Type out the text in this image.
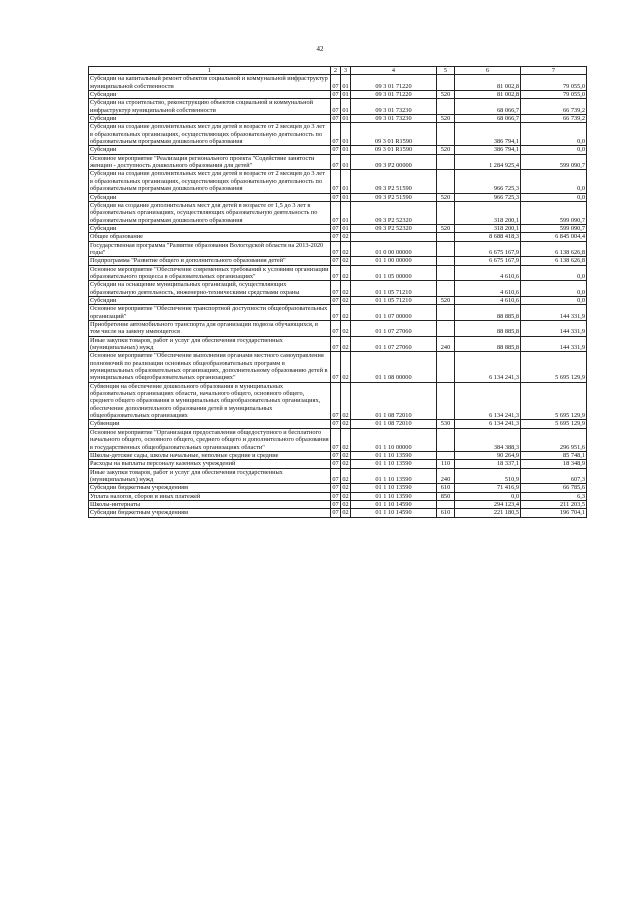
42
1	2	3	4	5	6	7
Субсидии на капитальный ремонт объектов социальной и коммунальной инфраструктур муниципальной собственности	07	01	09 3 01 71220		81 002,8	79 055,0
Субсидии	07	01	09 3 01 71220	520	81 002,8	79 055,0
Субсидии на строительство, реконструкцию объектов социальной и коммунальной инфраструктур муниципальной собственности	07	01	09 3 01 73230		68 066,7	66 739,2
Субсидии	07	01	09 3 01 73230	520	68 066,7	66 739,2
Субсидии на создание дополнительных мест для детей в возрасте от 2 месяцев до 3 лет в образовательных организациях, осуществляющих образовательную деятельность по образовательным программам дошкольного образования	07	01	09 3 01 R1590		386 794,1	0,0
Субсидии	07	01	09 3 01 R1590	520	386 794,1	0,0
Основное мероприятие "Реализация регионального проекта "Содействие занятости женщин - доступность дошкольного образования для детей"	07	01	09 3 P2 00000		1 284 925,4	599 090,7
Субсидии на создание дополнительных мест для детей в возрасте от 2 месяцев до 3 лет в образовательных организациях, осуществляющих образовательную деятельность по образовательным программам дошкольного образования	07	01	09 3 P2 51590		966 725,3	0,0
Субсидии	07	01	09 3 P2 51590	520	966 725,3	0,0
Субсидия на создание дополнительных мест для детей в возрасте от 1,5 до 3 лет в образовательных организациях, осуществляющих образовательную деятельность по образовательным программам дошкольного образования	07	01	09 3 P2 52320		318 200,1	599 090,7
Субсидии	07	01	09 3 P2 52320	520	318 200,1	599 090,7
Общее образование	07	02			8 688 418,3	6 845 004,4
Государственная программа "Развитие образования Вологодской области на 2013-2020 годы"	07	02	01 0 00 00000		6 675 167,9	6 138 626,8
Подпрограмма "Развитие общего и дополнительного образования детей"	07	02	01 1 00 00000		6 675 167,9	6 138 626,8
Основное мероприятие "Обеспечение современных требований к условиям организации образовательного процесса в образовательных организациях"	07	02	01 1 05 00000		4 610,6	0,0
Субсидии на оснащение муниципальных организаций, осуществляющих образовательную деятельность, инженерно-техническими средствами охраны	07	02	01 1 05 71210		4 610,6	0,0
Субсидии	07	02	01 1 05 71210	520	4 610,6	0,0
Основное мероприятие "Обеспечение транспортной доступности общеобразовательных организаций"	07	02	01 1 07 00000		88 885,8	144 331,9
Приобретение автомобильного транспорта для организации подвоза обучающихся, в том числе на замену имеющегося	07	02	01 1 07 27060		88 885,8	144 331,9
Иные закупки товаров, работ и услуг для обеспечения государственных (муниципальных) нужд	07	02	01 1 07 27060	240	88 885,8	144 331,9
Основное мероприятие "Обеспечение выполнения органами местного самоуправления полномочий по реализации основных общеобразовательных программ в муниципальных образовательных организациях, дополнительному образованию детей в муниципальных общеобразовательных организациях"	07	02	01 1 08 00000		6 134 241,3	5 695 129,9
Субвенция на обеспечение дошкольного образования в муниципальных образовательных организациях области, начального общего, основного общего, среднего общего образования в муниципальных общеобразовательных организациях, обеспечение дополнительного образования детей в муниципальных общеобразовательных организациях	07	02	01 1 08 72010		6 134 241,3	5 695 129,9
Субвенции	07	02	01 1 08 72010	530	6 134 241,3	5 695 129,9
Основное мероприятие "Организация предоставления общедоступного и бесплатного начального общего, основного общего, среднего общего и дополнительного образования в государственных общеобразовательных организациях области"	07	02	01 1 10 00000		384 388,3	296 951,6
Школы-детские сады, школы начальные, неполные средние и средние	07	02	01 1 10 13590		90 264,9	85 748,1
Расходы на выплаты персоналу казенных учреждений	07	02	01 1 10 13590	110	18 337,1	18 348,9
Иные закупки товаров, работ и услуг для обеспечения государственных (муниципальных) нужд	07	02	01 1 10 13590	240	510,9	607,3
Субсидии бюджетным учреждениям	07	02	01 1 10 13590	610	71 416,9	66 785,6
Уплата налогов, сборов и иных платежей	07	02	01 1 10 13590	850	0,0	6,3
Школы-интернаты	07	02	01 1 10 14590		294 123,4	211 203,5
Субсидии бюджетным учреждениям	07	02	01 1 10 14590	610	221 180,5	196 704,1
